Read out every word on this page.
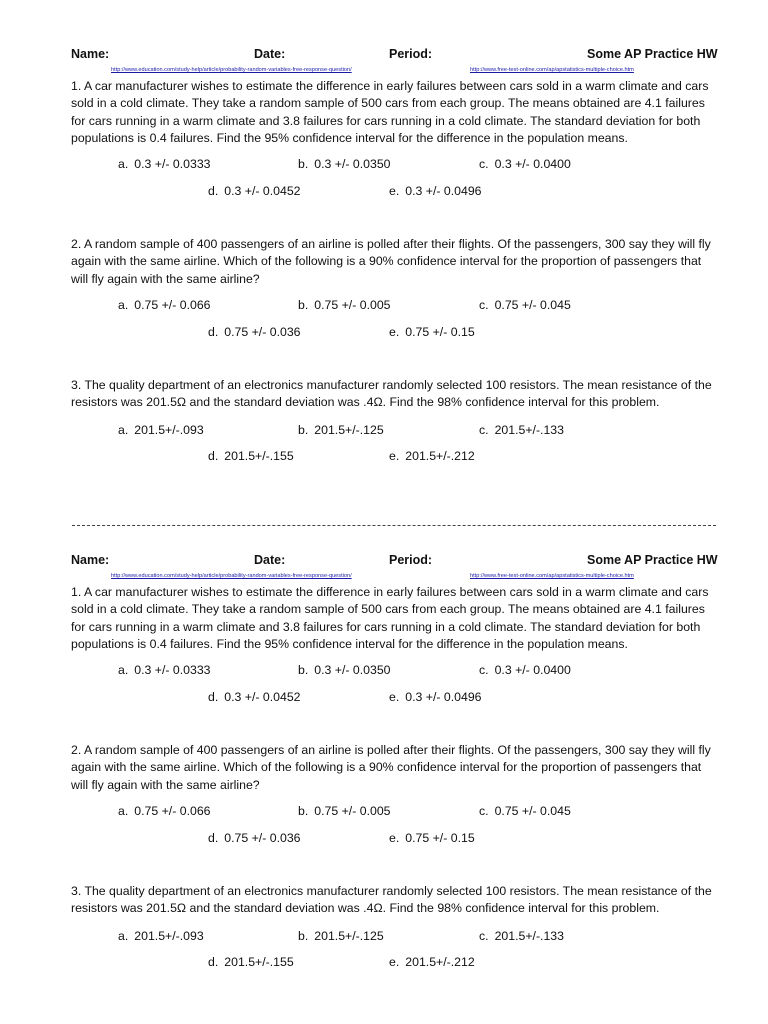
Name:	Date:	Period:	Some AP Practice HW
http://www.education.com/study-help/article/probability-random-variables-free-response-question/	http://www.free-test-online.com/ap/apstatistics-multiple-choice.htm

1. A car manufacturer wishes to estimate the difference in early failures between cars sold in a warm climate and cars sold in a cold climate. They take a random sample of 500 cars from each group. The means obtained are 4.1 failures for cars running in a warm climate and 3.8 failures for cars running in a cold climate. The standard deviation for both populations is 0.4 failures. Find the 95% confidence interval for the difference in the population means.

a. 0.3 +/- 0.0333	b. 0.3 +/- 0.0350	c. 0.3 +/- 0.0400
d. 0.3 +/- 0.0452	e. 0.3 +/- 0.0496

2. A random sample of 400 passengers of an airline is polled after their flights. Of the passengers, 300 say they will fly again with the same airline. Which of the following is a 90% confidence interval for the proportion of passengers that will fly again with the same airline?

a. 0.75 +/- 0.066	b. 0.75 +/- 0.005	c. 0.75 +/- 0.045
d. 0.75 +/- 0.036	e. 0.75 +/- 0.15

3. The quality department of an electronics manufacturer randomly selected 100 resistors. The mean resistance of the resistors was 201.5Ω and the standard deviation was .4Ω. Find the 98% confidence interval for this problem.

a. 201.5+/-.093	b. 201.5+/-.125	c. 201.5+/-.133
d. 201.5+/-.155	e. 201.5+/-.212
Name:	Date:	Period:	Some AP Practice HW
http://www.education.com/study-help/article/probability-random-variables-free-response-question/	http://www.free-test-online.com/ap/apstatistics-multiple-choice.htm

1. A car manufacturer wishes to estimate the difference in early failures between cars sold in a warm climate and cars sold in a cold climate. They take a random sample of 500 cars from each group. The means obtained are 4.1 failures for cars running in a warm climate and 3.8 failures for cars running in a cold climate. The standard deviation for both populations is 0.4 failures. Find the 95% confidence interval for the difference in the population means.

a. 0.3 +/- 0.0333	b. 0.3 +/- 0.0350	c. 0.3 +/- 0.0400
d. 0.3 +/- 0.0452	e. 0.3 +/- 0.0496

2. A random sample of 400 passengers of an airline is polled after their flights. Of the passengers, 300 say they will fly again with the same airline. Which of the following is a 90% confidence interval for the proportion of passengers that will fly again with the same airline?

a. 0.75 +/- 0.066	b. 0.75 +/- 0.005	c. 0.75 +/- 0.045
d. 0.75 +/- 0.036	e. 0.75 +/- 0.15

3. The quality department of an electronics manufacturer randomly selected 100 resistors. The mean resistance of the resistors was 201.5Ω and the standard deviation was .4Ω. Find the 98% confidence interval for this problem.

a. 201.5+/-.093	b. 201.5+/-.125	c. 201.5+/-.133
d. 201.5+/-.155	e. 201.5+/-.212
